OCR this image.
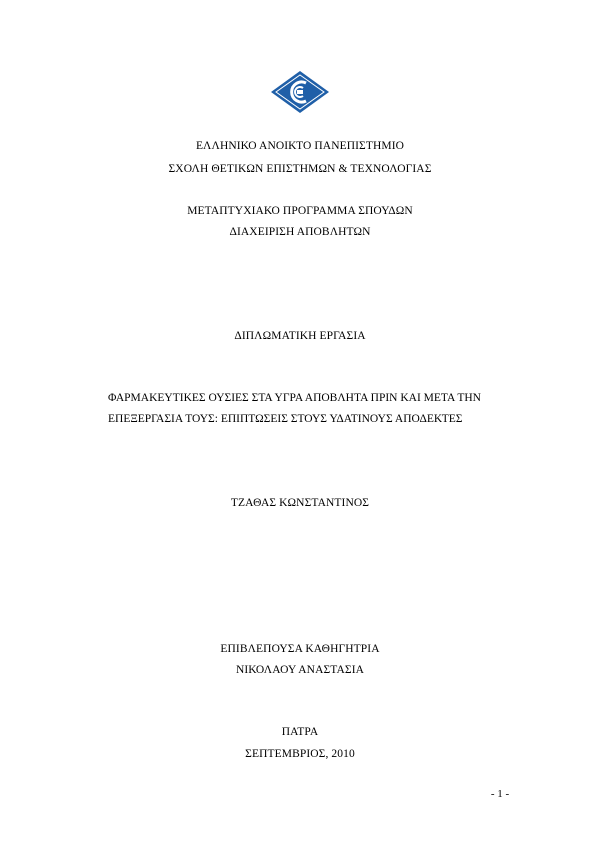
ΕΛΛΗΝΙΚΟ ΑΝΟΙΚΤΟ ΠΑΝΕΠΙΣΤΗΜΙΟ
ΣΧΟΛΗ ΘΕΤΙΚΩΝ ΕΠΙΣΤΗΜΩΝ & ΤΕΧΝΟΛΟΓΙΑΣ
ΜΕΤΑΠΤΥΧΙΑΚΟ ΠΡΟΓΡΑΜΜΑ ΣΠΟΥΔΩΝ
ΔΙΑΧΕΙΡΙΣΗ ΑΠΟΒΛΗΤΩΝ
ΔΙΠΛΩΜΑΤΙΚΗ ΕΡΓΑΣΙΑ
ΦΑΡΜΑΚΕΥΤΙΚΕΣ ΟΥΣΙΕΣ ΣΤΑ ΥΓΡΑ ΑΠΟΒΛΗΤΑ ΠΡΙΝ ΚΑΙ ΜΕΤΑ ΤΗΝ
ΕΠΕΞΕΡΓΑΣΙΑ ΤΟΥΣ: ΕΠΙΠΤΩΣΕΙΣ ΣΤΟΥΣ ΥΔΑΤΙΝΟΥΣ ΑΠΟΔΕΚΤΕΣ
ΤΖΑΘΑΣ ΚΩΝΣΤΑΝΤΙΝΟΣ
ΕΠΙΒΛΕΠΟΥΣΑ ΚΑΘΗΓΗΤΡΙΑ
ΝΙΚΟΛΑΟΥ ΑΝΑΣΤΑΣΙΑ
ΠΑΤΡΑ
ΣΕΠΤΕΜΒΡΙΟΣ, 2010
- 1 -
